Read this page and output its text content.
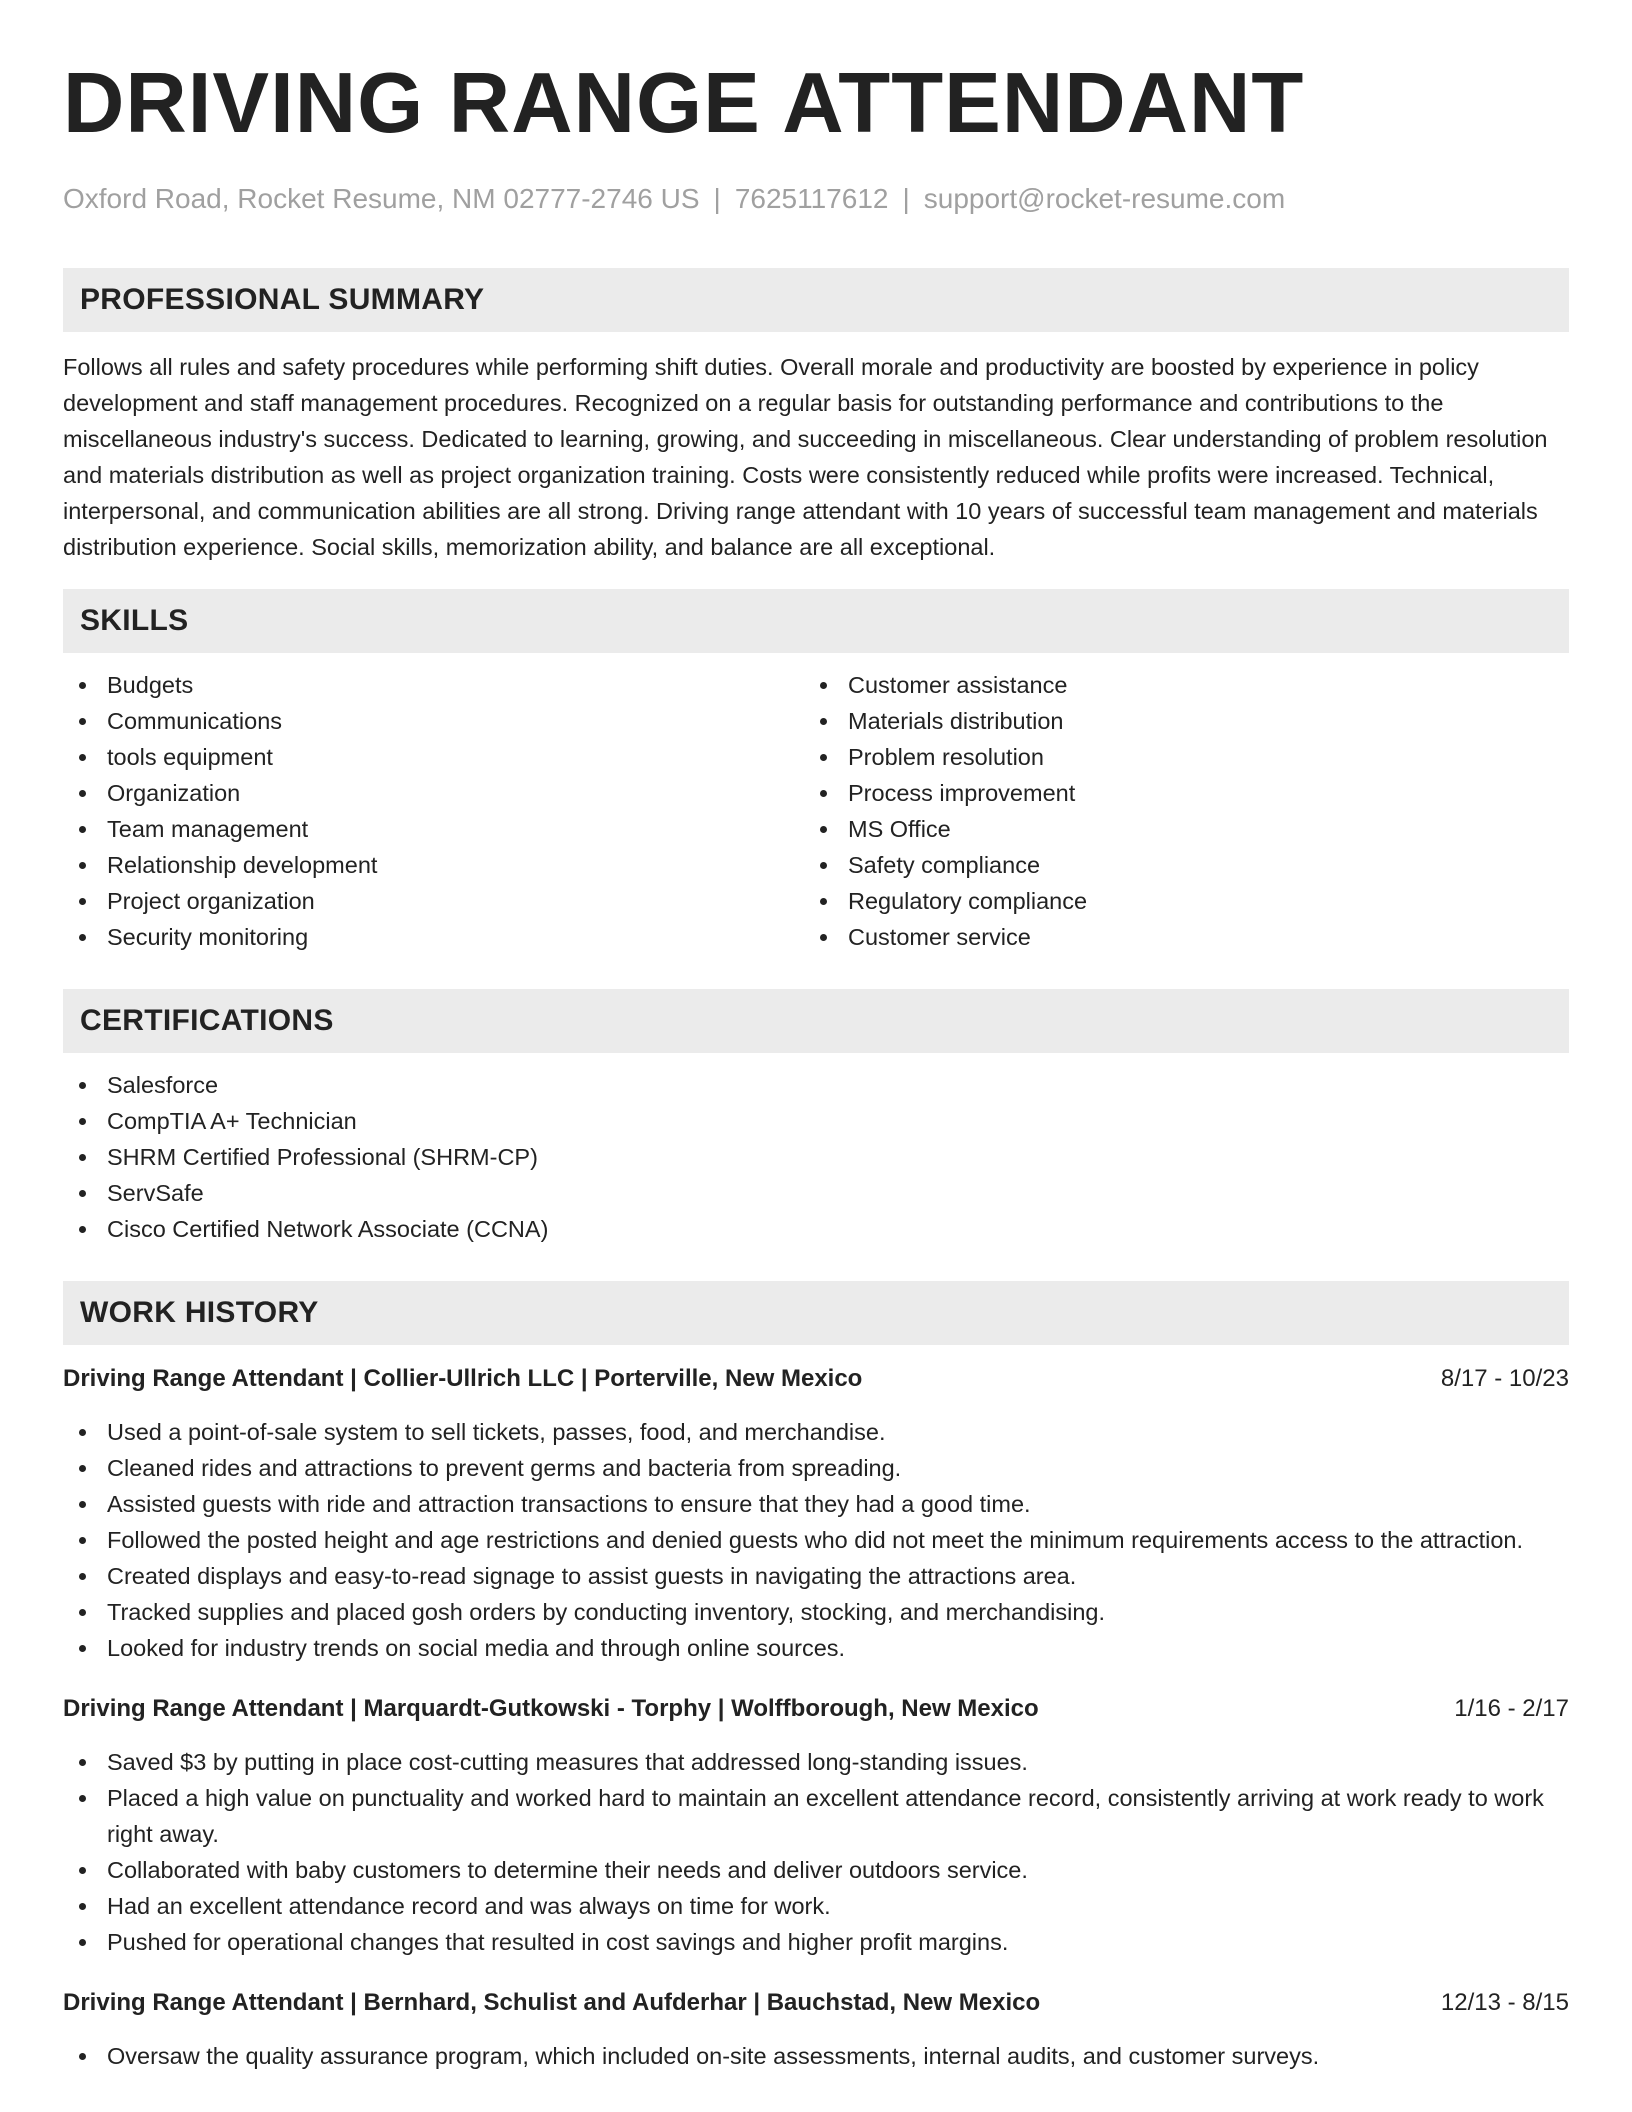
DRIVING RANGE ATTENDANT
Oxford Road, Rocket Resume, NM 02777-2746 US | 7625117612 | support@rocket-resume.com
PROFESSIONAL SUMMARY

Follows all rules and safety procedures while performing shift duties. Overall morale and productivity are boosted by experience in policy development and staff management procedures. Recognized on a regular basis for outstanding performance and contributions to the miscellaneous industry's success. Dedicated to learning, growing, and succeeding in miscellaneous. Clear understanding of problem resolution and materials distribution as well as project organization training. Costs were consistently reduced while profits were increased. Technical, interpersonal, and communication abilities are all strong. Driving range attendant with 10 years of successful team management and materials distribution experience. Social skills, memorization ability, and balance are all exceptional.

SKILLS
Budgets
Communications
tools equipment
Organization
Team management
Relationship development
Project organization
Security monitoring
Customer assistance
Materials distribution
Problem resolution
Process improvement
MS Office
Safety compliance
Regulatory compliance
Customer service
CERTIFICATIONS
Salesforce
CompTIA A+ Technician
SHRM Certified Professional (SHRM-CP)
ServSafe
Cisco Certified Network Associate (CCNA)
WORK HISTORY
Driving Range Attendant | Collier-Ullrich LLC | Porterville, New Mexico	8/17 - 10/23
Used a point-of-sale system to sell tickets, passes, food, and merchandise.
Cleaned rides and attractions to prevent germs and bacteria from spreading.
Assisted guests with ride and attraction transactions to ensure that they had a good time.
Followed the posted height and age restrictions and denied guests who did not meet the minimum requirements access to the attraction.
Created displays and easy-to-read signage to assist guests in navigating the attractions area.
Tracked supplies and placed gosh orders by conducting inventory, stocking, and merchandising.
Looked for industry trends on social media and through online sources.
Driving Range Attendant | Marquardt-Gutkowski - Torphy | Wolffborough, New Mexico	1/16 - 2/17
Saved $3 by putting in place cost-cutting measures that addressed long-standing issues.
Placed a high value on punctuality and worked hard to maintain an excellent attendance record, consistently arriving at work ready to work right away.
Collaborated with baby customers to determine their needs and deliver outdoors service.
Had an excellent attendance record and was always on time for work.
Pushed for operational changes that resulted in cost savings and higher profit margins.
Driving Range Attendant | Bernhard, Schulist and Aufderhar | Bauchstad, New Mexico	12/13 - 8/15
Oversaw the quality assurance program, which included on-site assessments, internal audits, and customer surveys.
